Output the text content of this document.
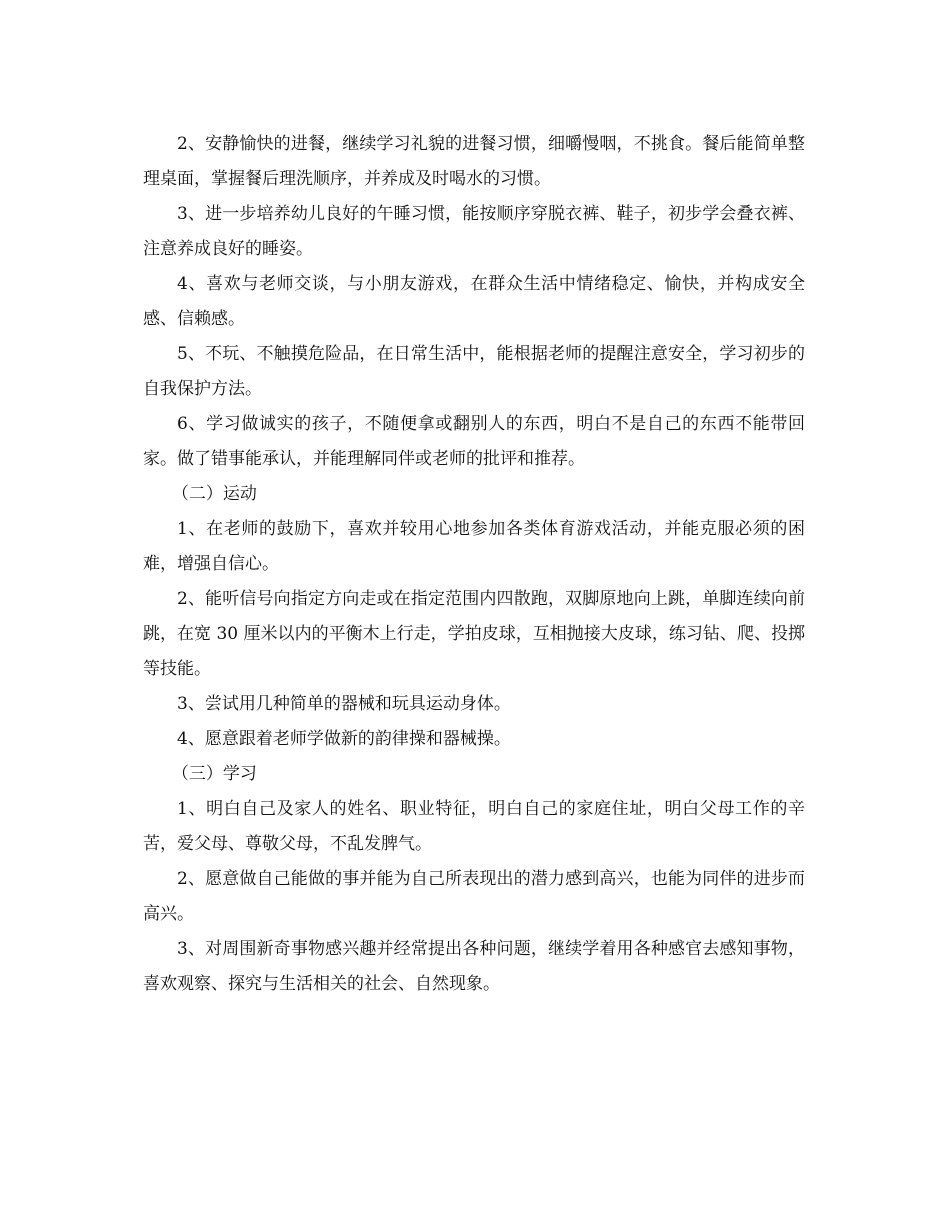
2、安静愉快的进餐，继续学习礼貌的进餐习惯，细嚼慢咽，不挑食。餐后能简单整理桌面，掌握餐后理洗顺序，并养成及时喝水的习惯。

3、进一步培养幼儿良好的午睡习惯，能按顺序穿脱衣裤、鞋子，初步学会叠衣裤、注意养成良好的睡姿。

4、喜欢与老师交谈，与小朋友游戏，在群众生活中情绪稳定、愉快，并构成安全感、信赖感。

5、不玩、不触摸危险品，在日常生活中，能根据老师的提醒注意安全，学习初步的自我保护方法。

6、学习做诚实的孩子，不随便拿或翻别人的东西，明白不是自己的东西不能带回家。做了错事能承认，并能理解同伴或老师的批评和推荐。

（二）运动

1、在老师的鼓励下，喜欢并较用心地参加各类体育游戏活动，并能克服必须的困难，增强自信心。

2、能听信号向指定方向走或在指定范围内四散跑，双脚原地向上跳，单脚连续向前跳，在宽 30 厘米以内的平衡木上行走，学拍皮球，互相抛接大皮球，练习钻、爬、投掷等技能。

3、尝试用几种简单的器械和玩具运动身体。

4、愿意跟着老师学做新的韵律操和器械操。

（三）学习

1、明白自己及家人的姓名、职业特征，明白自己的家庭住址，明白父母工作的辛苦，爱父母、尊敬父母，不乱发脾气。

2、愿意做自己能做的事并能为自己所表现出的潜力感到高兴，也能为同伴的进步而高兴。

3、对周围新奇事物感兴趣并经常提出各种问题，继续学着用各种感官去感知事物，喜欢观察、探究与生活相关的社会、自然现象。
